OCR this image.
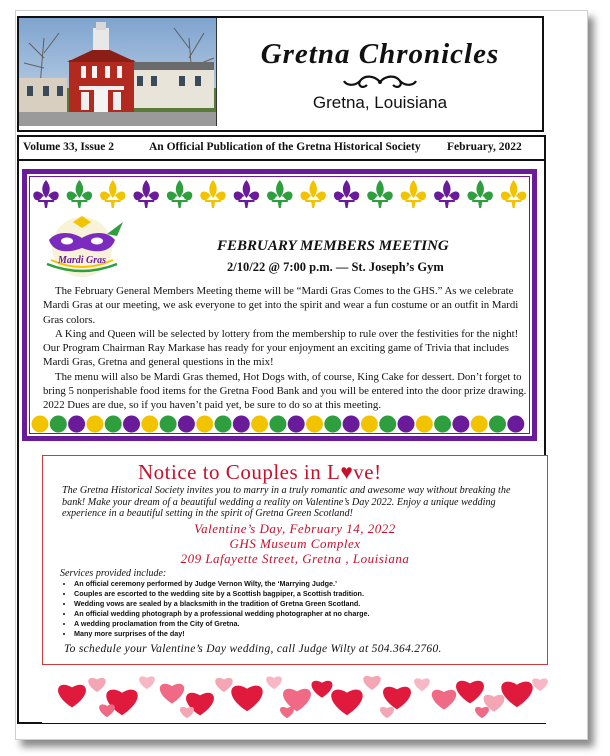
Gretna Chronicles
Gretna, Louisiana
Volume 33, Issue 2	An Official Publication of the Gretna Historical Society February, 2022
Mardi Gras
FEBRUARY MEMBERS MEETING
2/10/22 @ 7:00 p.m. — St. Joseph’s Gym

The February General Members Meeting theme will be “Mardi Gras Comes to the GHS.” As we celebrate Mardi Gras at our meeting, we ask everyone to get into the spirit and wear a fun costume or an outfit in Mardi Gras colors.

A King and Queen will be selected by lottery from the membership to rule over the festivities for the night! Our Program Chairman Ray Markase has ready for your enjoyment an exciting game of Trivia that includes Mardi Gras, Gretna and general questions in the mix!

The menu will also be Mardi Gras themed, Hot Dogs with, of course, King Cake for dessert. Don’t forget to bring 5 nonperishable food items for the Gretna Food Bank and you will be entered into the door prize drawing. 2022 Dues are due, so if you haven’t paid yet, be sure to do so at this meeting.

Notice to Couples in L♥ve!
The Gretna Historical Society invites you to marry in a truly romantic and awesome way without breaking the bank! Make your dream of a beautiful wedding a reality on Valentine’s Day 2022. Enjoy a unique wedding experience in a beautiful setting in the spirit of Gretna Green Scotland!
Valentine’s Day, February 14, 2022
GHS Museum Complex
209 Lafayette Street, Gretna , Louisiana
Services provided include:
• An official ceremony performed by Judge Vernon Wilty, the ‘Marrying Judge.’
• Couples are escorted to the wedding site by a Scottish bagpiper, a Scottish tradition.
• Wedding vows are sealed by a blacksmith in the tradition of Gretna Green Scotland.
• An official wedding photograph by a professional wedding photographer at no charge.
• A wedding proclamation from the City of Gretna.
• Many more surprises of the day!
To schedule your Valentine’s Day wedding, call Judge Wilty at 504.364.2760.
